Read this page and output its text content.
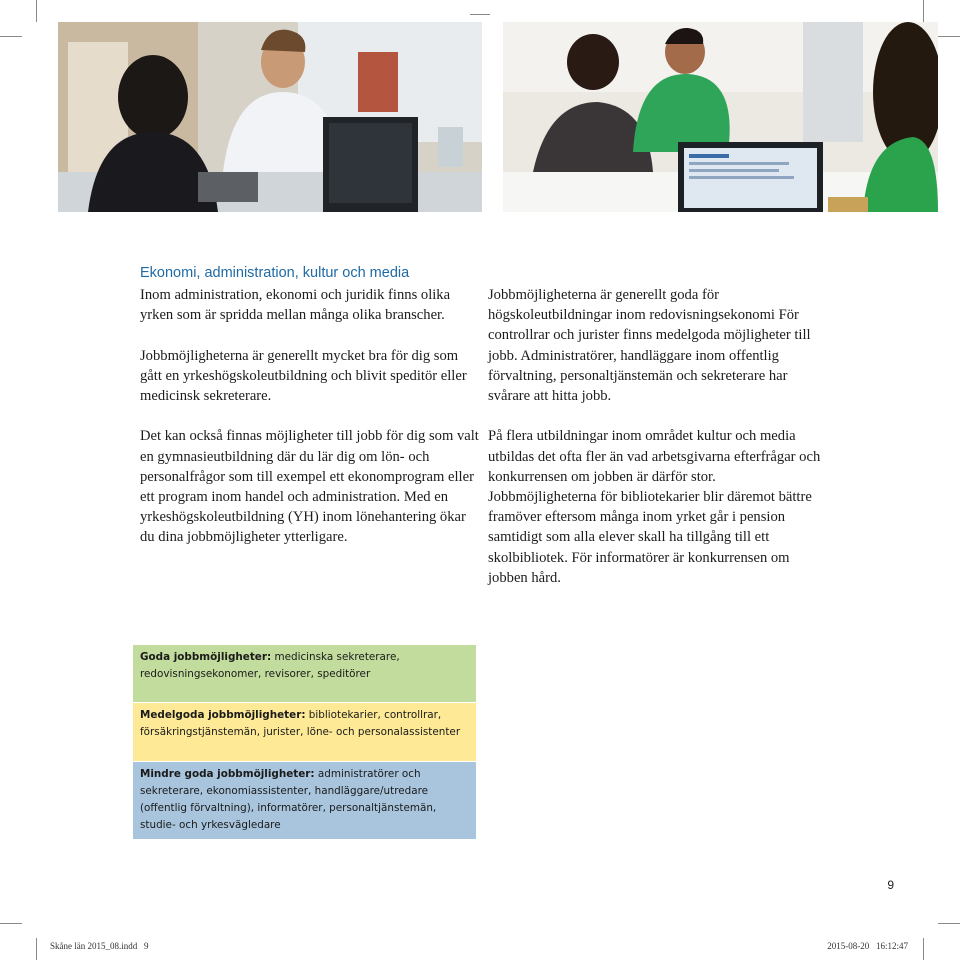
Ekonomi, administration, kultur och media

Inom administration, ekonomi och juridik finns olika yrken som är spridda mellan många olika branscher.

Jobbmöjligheterna är generellt mycket bra för dig som gått en yrkeshögskoleutbildning och blivit speditör eller medicinsk sekreterare.

Det kan också finnas möjligheter till jobb för dig som valt en gymnasieutbildning där du lär dig om lön- och personalfrågor som till exempel ett ekonomprogram eller ett program inom handel och administration. Med en yrkeshögskoleutbildning (YH) inom lönehantering ökar du dina jobbmöjligheter ytterligare.

Jobbmöjligheterna är generellt goda för högskoleutbildningar inom redovisningsekonomi För controllrar och jurister finns medelgoda möjligheter till jobb. Administratörer, handläggare inom offentlig förvaltning, personaltjänstemän och sekreterare har svårare att hitta jobb.

På flera utbildningar inom området kultur och media utbildas det ofta fler än vad arbetsgivarna efterfrågar och konkurrensen om jobben är därför stor. Jobbmöjligheterna för bibliotekarier blir däremot bättre framöver eftersom många inom yrket går i pension samtidigt som alla elever skall ha tillgång till ett skolbibliotek. För informatörer är konkurrensen om jobben hård.

Goda jobbmöjligheter: medicinska sekreterare, redovisningsekonomer, revisorer, speditörer
Medelgoda jobbmöjligheter: bibliotekarier, controllrar, försäkringstjänstemän, jurister, löne- och personalassistenter
Mindre goda jobbmöjligheter: administratörer och sekreterare, ekonomiassistenter, handläggare/utredare (offentlig förvaltning), informatörer, personaltjänstemän, studie- och yrkesvägledare
9
Skåne län 2015_08.indd   9	2015-08-20   16:12:47
